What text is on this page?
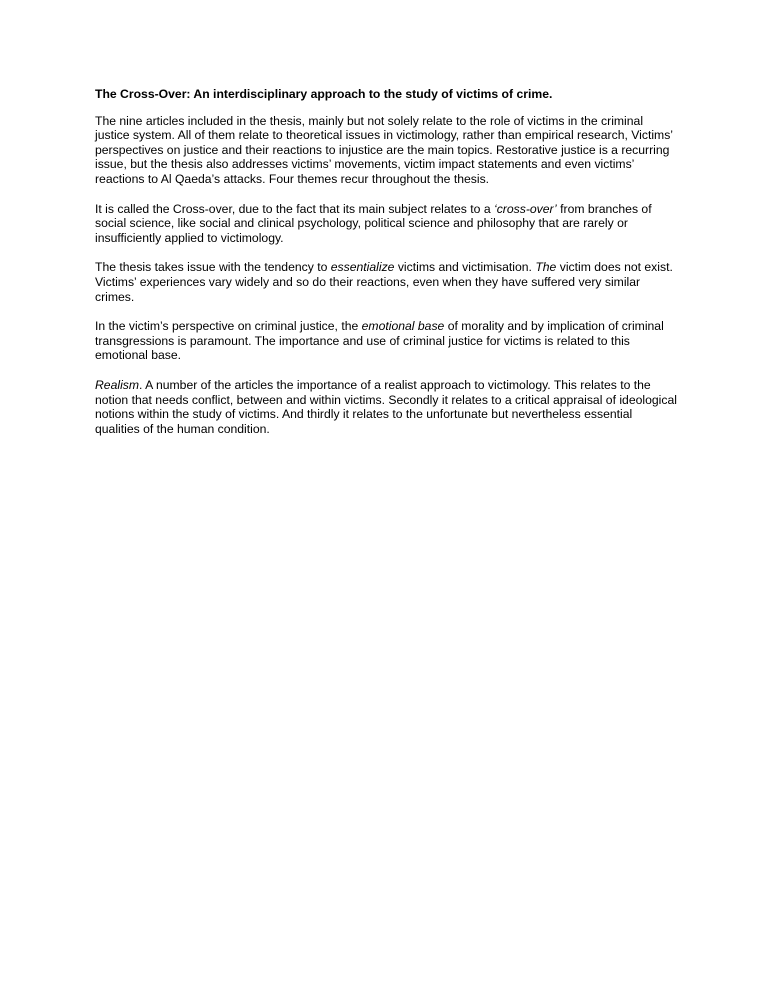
The Cross-Over: An interdisciplinary approach to the study of victims of crime.

The nine articles included in the thesis, mainly but not solely relate to the role of victims in the criminal justice system. All of them relate to theoretical issues in victimology, rather than empirical research, Victims’ perspectives on justice and their reactions to injustice are the main topics. Restorative justice is a recurring issue, but the thesis also addresses victims’ movements, victim impact statements and even victims’ reactions to Al Qaeda’s attacks. Four themes recur throughout the thesis.

It is called the Cross-over, due to the fact that its main subject relates to a ‘cross-over’ from branches of social science, like social and clinical psychology, political science and philosophy that are rarely or insufficiently applied to victimology.

The thesis takes issue with the tendency to essentialize victims and victimisation. The victim does not exist. Victims’ experiences vary widely and so do their reactions, even when they have suffered very similar crimes.

In the victim’s perspective on criminal justice, the emotional base of morality and by implication of criminal transgressions is paramount. The importance and use of criminal justice for victims is related to this emotional base.

Realism. A number of the articles the importance of a realist approach to victimology. This relates to the notion that needs conflict, between and within victims. Secondly it relates to a critical appraisal of ideological notions within the study of victims. And thirdly it relates to the unfortunate but nevertheless essential qualities of the human condition.
